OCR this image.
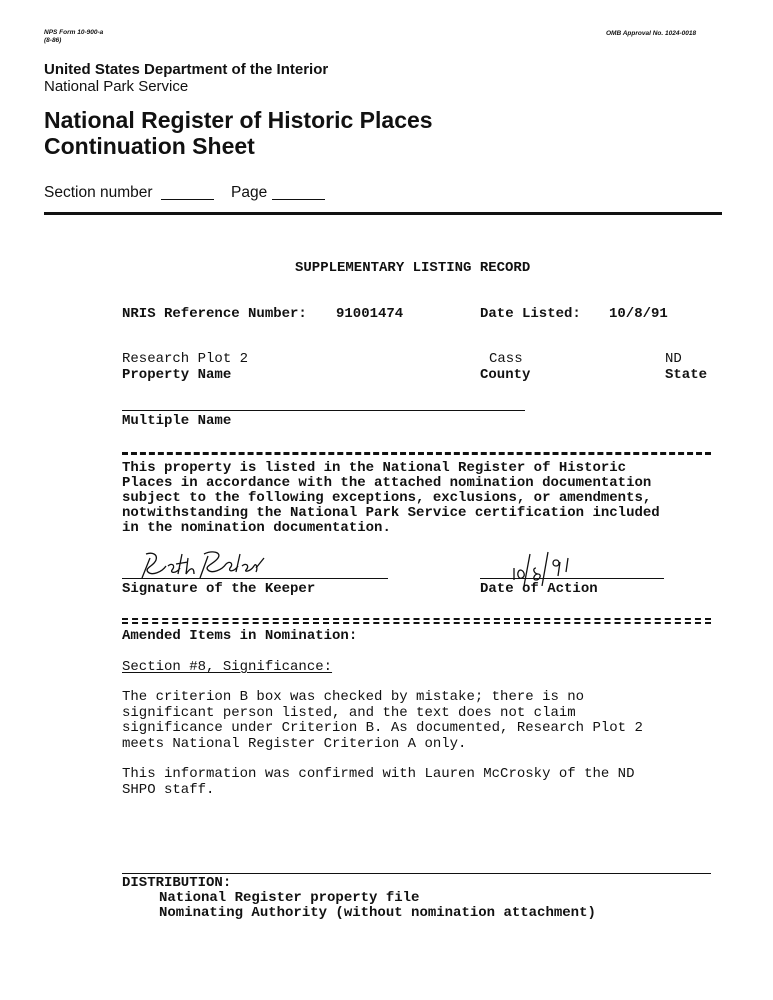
NPS Form 10-900-a
(8-86)
OMB Approval No. 1024-0018
United States Department of the Interior
National Park Service
National Register of Historic Places
Continuation Sheet
Section number	Page
SUPPLEMENTARY LISTING RECORD
NRIS Reference Number: 91001474	Date Listed: 10/8/91
Research Plot 2
Property Name
Cass
County
ND
State
Multiple Name
This property is listed in the National Register of Historic
Places in accordance with the attached nomination documentation
subject to the following exceptions, exclusions, or amendments,
notwithstanding the National Park Service certification included
in the nomination documentation.
Signature of the Keeper	Date of Action
Amended Items in Nomination:
Section #8, Significance:
The criterion B box was checked by mistake; there is no
significant person listed, and the text does not claim
significance under Criterion B. As documented, Research Plot 2
meets National Register Criterion A only.
This information was confirmed with Lauren McCrosky of the ND
SHPO staff.
DISTRIBUTION:
National Register property file
Nominating Authority (without nomination attachment)
